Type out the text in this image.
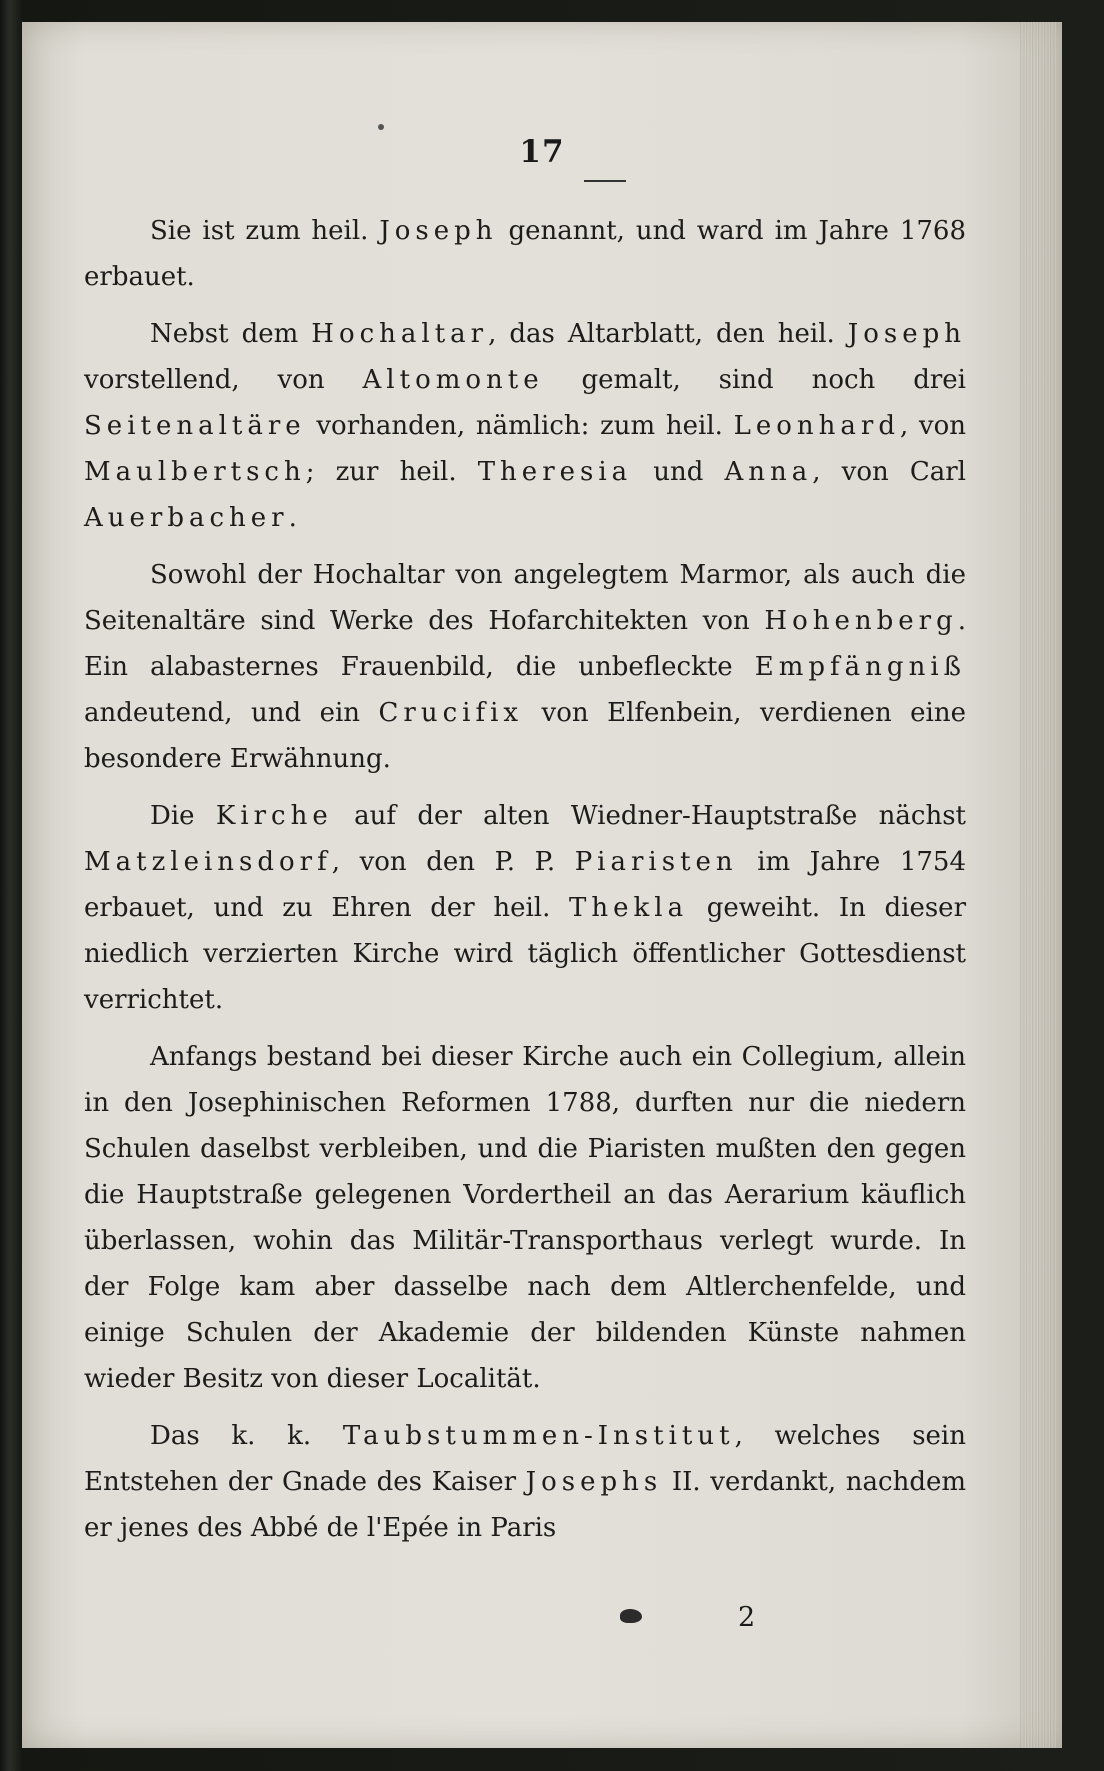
17

Sie ist zum heil. Joseph genannt, und ward im Jahre 1768 erbauet.

Nebst dem Hochaltar, das Altarblatt, den heil. Joseph vorstellend, von Altomonte gemalt, sind noch drei Seitenaltäre vorhanden, nämlich: zum heil. Leonhard, von Maulbertsch; zur heil. Theresia und Anna, von Carl Auerbacher.

Sowohl der Hochaltar von angelegtem Marmor, als auch die Seitenaltäre sind Werke des Hofarchitekten von Hohenberg. Ein alabasternes Frauenbild, die unbefleckte Empfängniß andeutend, und ein Crucifix von Elfenbein, verdienen eine besondere Erwähnung.

Die Kirche auf der alten Wiedner-Hauptstraße nächst Matzleinsdorf, von den P. P. Piaristen im Jahre 1754 erbauet, und zu Ehren der heil. Thekla geweiht. In dieser niedlich verzierten Kirche wird täglich öffentlicher Gottesdienst verrichtet.

Anfangs bestand bei dieser Kirche auch ein Collegium, allein in den Josephinischen Reformen 1788, durften nur die niedern Schulen daselbst verbleiben, und die Piaristen mußten den gegen die Hauptstraße gelegenen Vordertheil an das Aerarium käuflich überlassen, wohin das Militär-Transporthaus verlegt wurde. In der Folge kam aber dasselbe nach dem Altlerchenfelde, und einige Schulen der Akademie der bildenden Künste nahmen wieder Besitz von dieser Localität.

Das k. k. Taubstummen-Institut, welches sein Entstehen der Gnade des Kaiser Josephs II. verdankt, nachdem er jenes des Abbé de l'Epée in Paris

2
